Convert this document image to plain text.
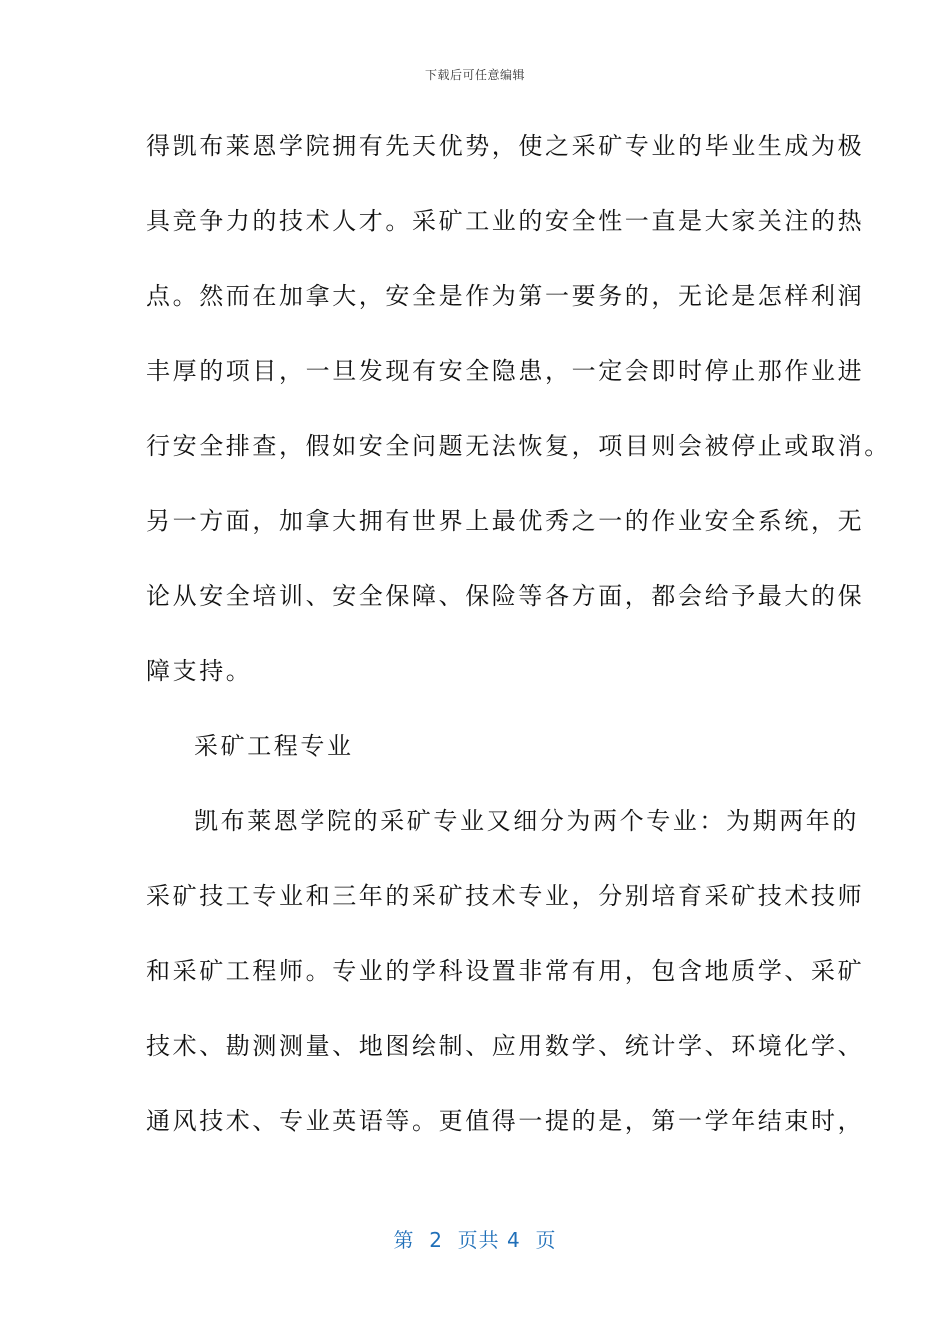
下载后可任意编辑
得凯布莱恩学院拥有先天优势，使之采矿专业的毕业生成为极
具竞争力的技术人才。采矿工业的安全性一直是大家关注的热
点。然而在加拿大，安全是作为第一要务的，无论是怎样利润
丰厚的项目，一旦发现有安全隐患，一定会即时停止那作业进
行安全排查，假如安全问题无法恢复，项目则会被停止或取消。
另一方面，加拿大拥有世界上最优秀之一的作业安全系统，无
论从安全培训、安全保障、保险等各方面，都会给予最大的保
障支持。
采矿工程专业
凯布莱恩学院的采矿专业又细分为两个专业：为期两年的
采矿技工专业和三年的采矿技术专业，分别培育采矿技术技师
和采矿工程师。专业的学科设置非常有用，包含地质学、采矿
技术、勘测测量、地图绘制、应用数学、统计学、环境化学、
通风技术、专业英语等。更值得一提的是，第一学年结束时，
第  2  页共 4  页
